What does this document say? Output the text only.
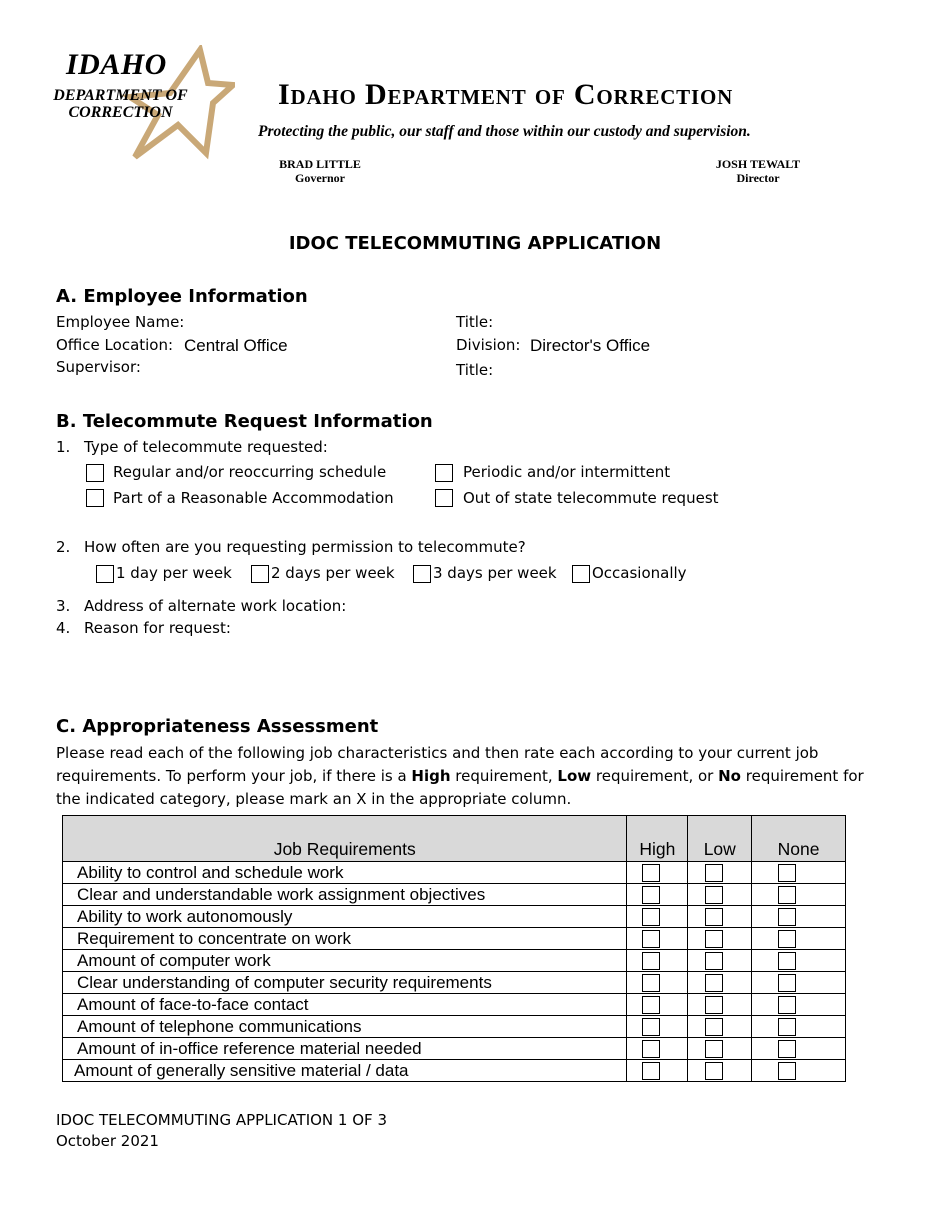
IDAHO
DEPARTMENT OF
CORRECTION
Idaho Department of Correction
Protecting the public, our staff and those within our custody and supervision.
BRAD LITTLE
Governor
JOSH TEWALT
Director
IDOC TELECOMMUTING APPLICATION
A. Employee Information
Employee Name:	Title:
Office Location: Central Office	Division: Director's Office
Supervisor:	Title:
B. Telecommute Request Information
1. Type of telecommute requested:
Regular and/or reoccurring schedule	Periodic and/or intermittent
Part of a Reasonable Accommodation	Out of state telecommute request
2. How often are you requesting permission to telecommute?
1 day per week	2 days per week	3 days per week Occasionally
3. Address of alternate work location:
4. Reason for request:
C. Appropriateness Assessment
Please read each of the following job characteristics and then rate each according to your current job requirements. To perform your job, if there is a High requirement, Low requirement, or No requirement for the indicated category, please mark an X in the appropriate column.
Job Requirements	High	Low	None
Ability to control and schedule work	

Clear and understandable work assignment objectives	

Ability to work autonomously	

Requirement to concentrate on work	

Amount of computer work	

Clear understanding of computer security requirements	

Amount of face-to-face contact	

Amount of telephone communications	

Amount of in-office reference material needed	

Amount of generally sensitive material / data	

IDOC TELECOMMUTING APPLICATION 1 OF 3
October 2021
